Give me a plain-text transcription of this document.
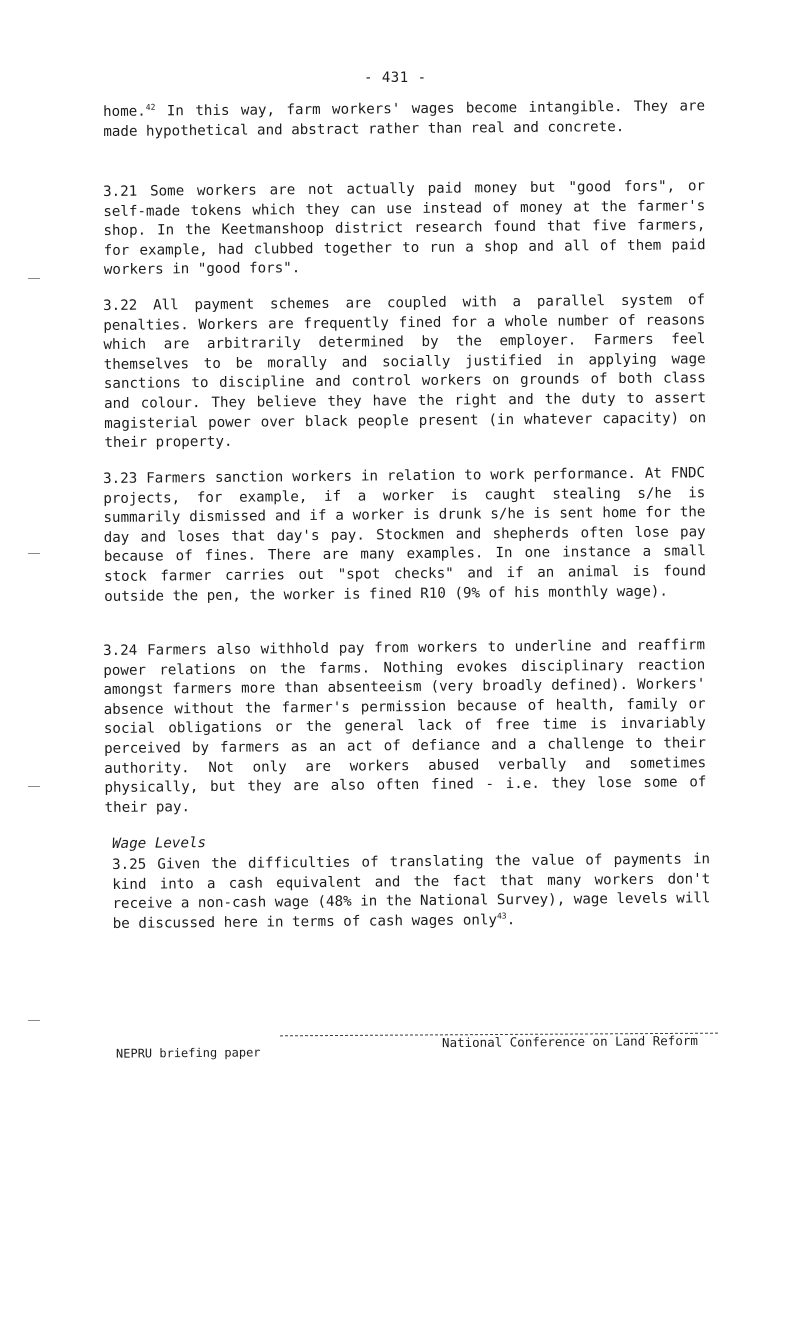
- 431 -

home.$^{42}$ In this way, farm workers' wages become intangible. They are made hypothetical and abstract rather than real and concrete.

3.21 Some workers are not actually paid money but "good fors", or self-made tokens which they can use instead of money at the farmer's shop. In the Keetmanshoop district research found that five farmers, for example, had clubbed together to run a shop and all of them paid workers in "good fors".

3.22 All payment schemes are coupled with a parallel system of penalties. Workers are frequently fined for a whole number of reasons which are arbitrarily determined by the employer. Farmers feel themselves to be morally and socially justified in applying wage sanctions to discipline and control workers on grounds of both class and colour. They believe they have the right and the duty to assert magisterial power over black people present (in whatever capacity) on their property.

3.23 Farmers sanction workers in relation to work performance. At FNDC projects, for example, if a worker is caught stealing s/he is summarily dismissed and if a worker is drunk s/he is sent home for the day and loses that day's pay. Stockmen and shepherds often lose pay because of fines. There are many examples. In one instance a small stock farmer carries out "spot checks" and if an animal is found outside the pen, the worker is fined R10 (9% of his monthly wage).

3.24 Farmers also withhold pay from workers to underline and reaffirm power relations on the farms. Nothing evokes disciplinary reaction amongst farmers more than absenteeism (very broadly defined). Workers' absence without the farmer's permission because of health, family or social obligations or the general lack of free time is invariably perceived by farmers as an act of defiance and a challenge to their authority. Not only are workers abused verbally and sometimes physically, but they are also often fined - i.e. they lose some of their pay.

Wage Levels

3.25 Given the difficulties of translating the value of payments in kind into a cash equivalent and the fact that many workers don't receive a non-cash wage (48% in the National Survey), wage levels will be discussed here in terms of cash wages only$^{43}$.

NEPRU briefing paper
National Conference on Land Reform
